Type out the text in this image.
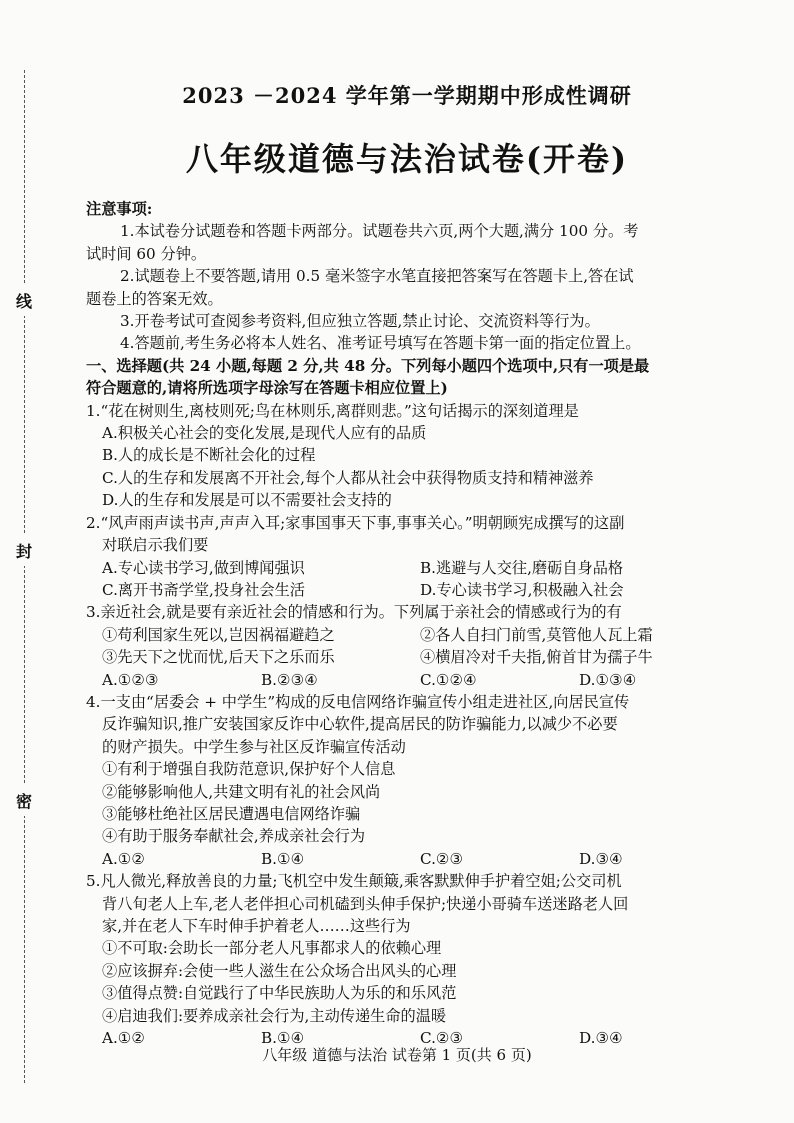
线
封
密
2023 －2024 学年第一学期期中形成性调研
八年级道德与法治试卷(开卷)

注意事项:

1.本试卷分试题卷和答题卡两部分。试题卷共六页,两个大题,满分 100 分。考

试时间 60 分钟。

2.试题卷上不要答题,请用 0.5 毫米签字水笔直接把答案写在答题卡上,答在试

题卷上的答案无效。

3.开卷考试可查阅参考资料,但应独立答题,禁止讨论、交流资料等行为。

4.答题前,考生务必将本人姓名、准考证号填写在答题卡第一面的指定位置上。

一、选择题(共 24 小题,每题 2 分,共 48 分。下列每小题四个选项中,只有一项是最

符合题意的,请将所选项字母涂写在答题卡相应位置上)

1.“花在树则生,离枝则死;鸟在林则乐,离群则悲。”这句话揭示的深刻道理是

A.积极关心社会的变化发展,是现代人应有的品质

B.人的成长是不断社会化的过程

C.人的生存和发展离不开社会,每个人都从社会中获得物质支持和精神滋养

D.人的生存和发展是可以不需要社会支持的

2.“风声雨声读书声,声声入耳;家事国事天下事,事事关心。”明朝顾宪成撰写的这副

对联启示我们要

A.专心读书学习,做到博闻强识	B.逃避与人交往,磨砺自身品格
C.离开书斋学堂,投身社会生活	D.专心读书学习,积极融入社会

3.亲近社会,就是要有亲近社会的情感和行为。下列属于亲社会的情感或行为的有

①苟利国家生死以,岂因祸福避趋之	②各人自扫门前雪,莫管他人瓦上霜
③先天下之忧而忧,后天下之乐而乐	④横眉冷对千夫指,俯首甘为孺子牛
A.①②③	B.②③④	C.①②④	D.①③④

4.一支由“居委会 + 中学生”构成的反电信网络诈骗宣传小组走进社区,向居民宣传

反诈骗知识,推广安装国家反诈中心软件,提高居民的防诈骗能力,以减少不必要

的财产损失。中学生参与社区反诈骗宣传活动

①有利于增强自我防范意识,保护好个人信息

②能够影响他人,共建文明有礼的社会风尚

③能够杜绝社区居民遭遇电信网络诈骗

④有助于服务奉献社会,养成亲社会行为

A.①②	B.①④	C.②③	D.③④

5.凡人微光,释放善良的力量;飞机空中发生颠簸,乘客默默伸手护着空姐;公交司机

背八旬老人上车,老人老伴担心司机磕到头伸手保护;快递小哥骑车送迷路老人回

家,并在老人下车时伸手护着老人……这些行为

①不可取:会助长一部分老人凡事都求人的依赖心理

②应该摒弃:会使一些人滋生在公众场合出风头的心理

③值得点赞:自觉践行了中华民族助人为乐的和乐风范

④启迪我们:要养成亲社会行为,主动传递生命的温暖

A.①②	B.①④	C.②③	D.③④
八年级 道德与法治 试卷第 1 页(共 6 页)
